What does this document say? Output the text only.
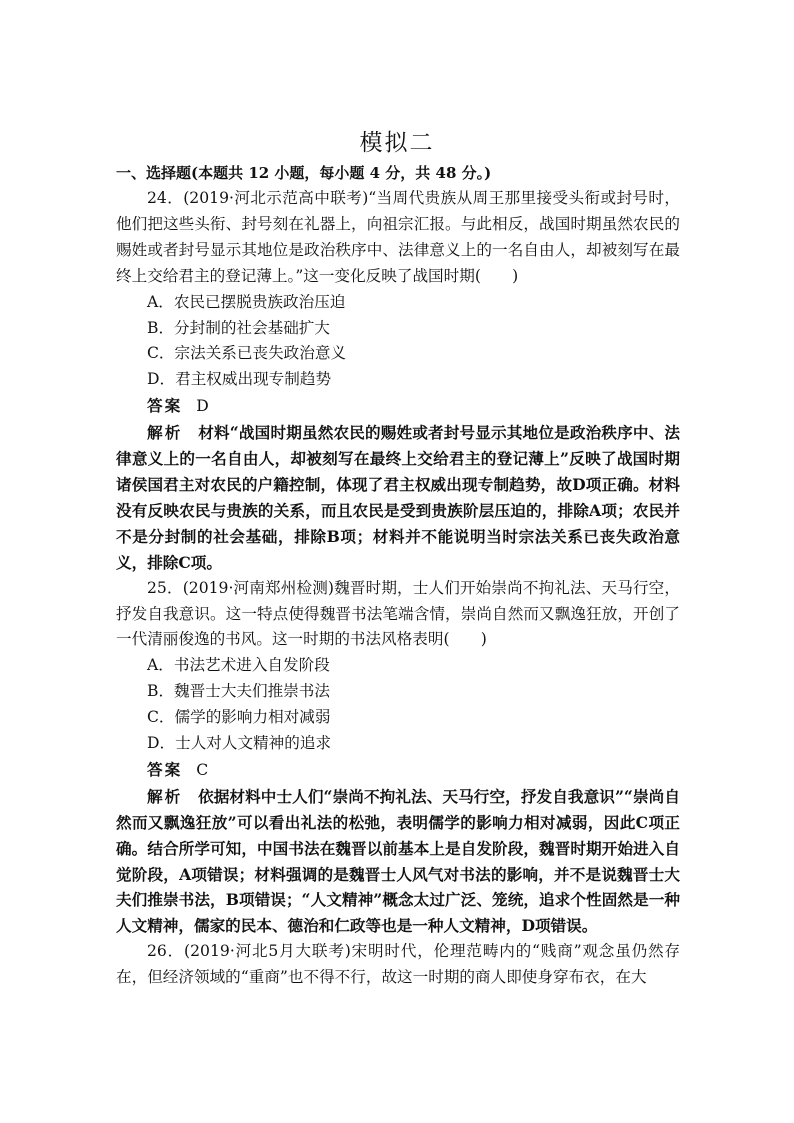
模拟二
一、选择题(本题共 12 小题，每小题 4 分，共 48 分。)

24．(2019·河北示范高中联考)“当周代贵族从周王那里接受头衔或封号时，他们把这些头衔、封号刻在礼器上，向祖宗汇报。与此相反，战国时期虽然农民的赐姓或者封号显示其地位是政治秩序中、法律意义上的一名自由人，却被刻写在最终上交给君主的登记薄上。”这一变化反映了战国时期(　　)

A．农民已摆脱贵族政治压迫

B．分封制的社会基础扩大

C．宗法关系已丧失政治意义

D．君主权威出现专制趋势

答案 D

解析　 材料“战国时期虽然农民的赐姓或者封号显示其地位是政治秩序中、法律意义上的一名自由人，却被刻写在最终上交给君主的登记薄上”反映了战国时期诸侯国君主对农民的户籍控制，体现了君主权威出现专制趋势，故D项正确。材料没有反映农民与贵族的关系，而且农民是受到贵族阶层压迫的，排除A项；农民并不是分封制的社会基础，排除B项；材料并不能说明当时宗法关系已丧失政治意义，排除C项。

25．(2019·河南郑州检测)魏晋时期，士人们开始崇尚不拘礼法、天马行空，抒发自我意识。这一特点使得魏晋书法笔端含情，崇尚自然而又飘逸狂放，开创了一代清丽俊逸的书风。这一时期的书法风格表明(　　)

A．书法艺术进入自发阶段

B．魏晋士大夫们推崇书法

C．儒学的影响力相对减弱

D．士人对人文精神的追求

答案 C

解析　 依据材料中士人们“崇尚不拘礼法、天马行空，抒发自我意识”“崇尚自然而又飘逸狂放”可以看出礼法的松弛，表明儒学的影响力相对减弱，因此C项正确。结合所学可知，中国书法在魏晋以前基本上是自发阶段，魏晋时期开始进入自觉阶段，A项错误；材料强调的是魏晋士人风气对书法的影响，并不是说魏晋士大夫们推崇书法，B项错误；“人文精神”概念太过广泛、笼统，追求个性固然是一种人文精神，儒家的民本、德治和仁政等也是一种人文精神，D项错误。

26．(2019·河北5月大联考)宋明时代，伦理范畴内的“贱商”观念虽仍然存在，但经济领域的“重商”也不得不行，故这一时期的商人即使身穿布衣，在大
